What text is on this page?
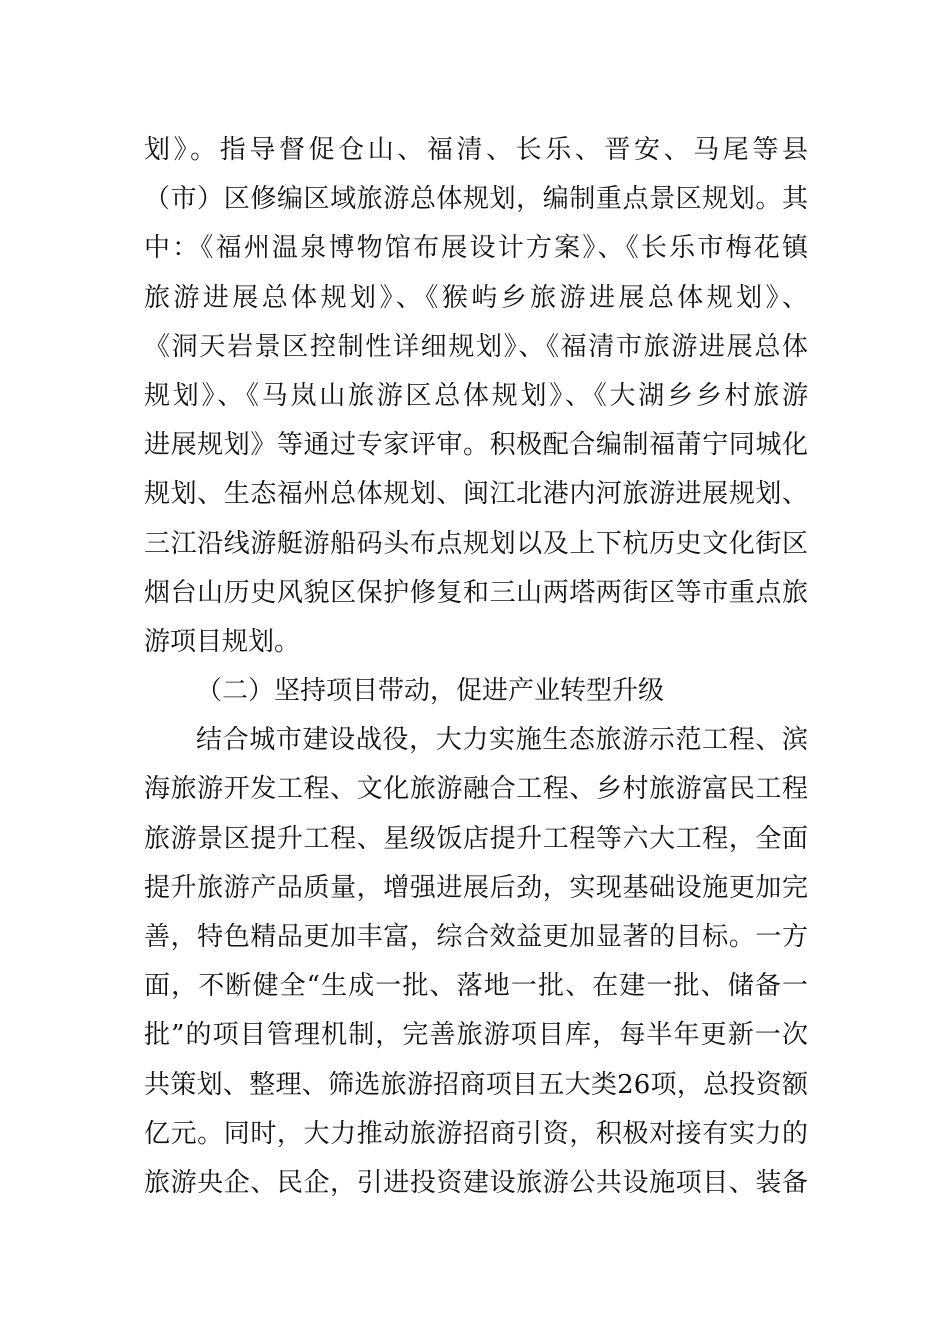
划》。指导督促仓山、福清、长乐、晋安、马尾等县
（市）区修编区域旅游总体规划，编制重点景区规划。其
中：《福州温泉博物馆布展设计方案》、《长乐市梅花镇
旅游进展总体规划》、《猴屿乡旅游进展总体规划》、
《洞天岩景区控制性详细规划》、《福清市旅游进展总体
规划》、《马岚山旅游区总体规划》、《大湖乡乡村旅游
进展规划》等通过专家评审。积极配合编制福莆宁同城化
规划、生态福州总体规划、闽江北港内河旅游进展规划、
三江沿线游艇游船码头布点规划以及上下杭历史文化街区
烟台山历史风貌区保护修复和三山两塔两街区等市重点旅
游项目规划。
（二）坚持项目带动，促进产业转型升级
结合城市建设战役，大力实施生态旅游示范工程、滨
海旅游开发工程、文化旅游融合工程、乡村旅游富民工程
旅游景区提升工程、星级饭店提升工程等六大工程，全面
提升旅游产品质量，增强进展后劲，实现基础设施更加完
善，特色精品更加丰富，综合效益更加显著的目标。一方
面，不断健全“生成一批、落地一批、在建一批、储备一
批”的项目管理机制，完善旅游项目库，每半年更新一次
共策划、整理、筛选旅游招商项目五大类26项，总投资额
亿元。同时，大力推动旅游招商引资，积极对接有实力的
旅游央企、民企，引进投资建设旅游公共设施项目、装备
